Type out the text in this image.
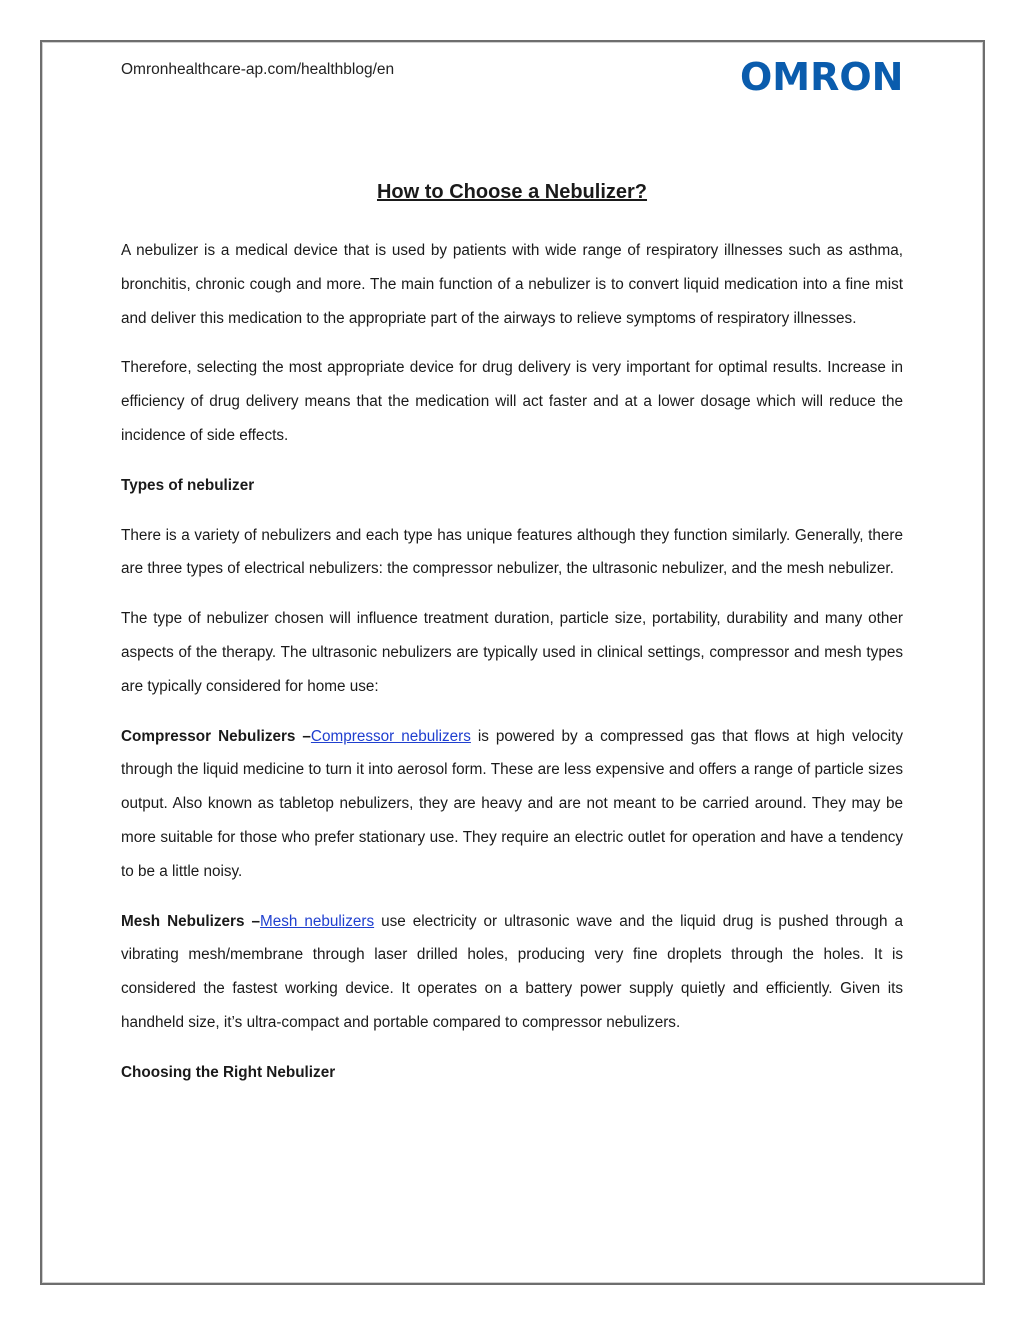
Omronhealthcare-ap.com/healthblog/en	OMRON
How to Choose a Nebulizer?

A nebulizer is a medical device that is used by patients with wide range of respiratory illnesses such as asthma, bronchitis, chronic cough and more. The main function of a nebulizer is to convert liquid medication into a fine mist and deliver this medication to the appropriate part of the airways to relieve symptoms of respiratory illnesses.

Therefore, selecting the most appropriate device for drug delivery is very important for optimal results. Increase in efficiency of drug delivery means that the medication will act faster and at a lower dosage which will reduce the incidence of side effects.

Types of nebulizer

There is a variety of nebulizers and each type has unique features although they function similarly. Generally, there are three types of electrical nebulizers: the compressor nebulizer, the ultrasonic nebulizer, and the mesh nebulizer.

The type of nebulizer chosen will influence treatment duration, particle size, portability, durability and many other aspects of the therapy. The ultrasonic nebulizers are typically used in clinical settings, compressor and mesh types are typically considered for home use:

Compressor Nebulizers –Compressor nebulizers is powered by a compressed gas that flows at high velocity through the liquid medicine to turn it into aerosol form. These are less expensive and offers a range of particle sizes output. Also known as tabletop nebulizers, they are heavy and are not meant to be carried around. They may be more suitable for those who prefer stationary use. They require an electric outlet for operation and have a tendency to be a little noisy.

Mesh Nebulizers –Mesh nebulizers use electricity or ultrasonic wave and the liquid drug is pushed through a vibrating mesh/membrane through laser drilled holes, producing very fine droplets through the holes. It is considered the fastest working device. It operates on a battery power supply quietly and efficiently. Given its handheld size, it’s ultra-compact and portable compared to compressor nebulizers.

Choosing the Right Nebulizer
